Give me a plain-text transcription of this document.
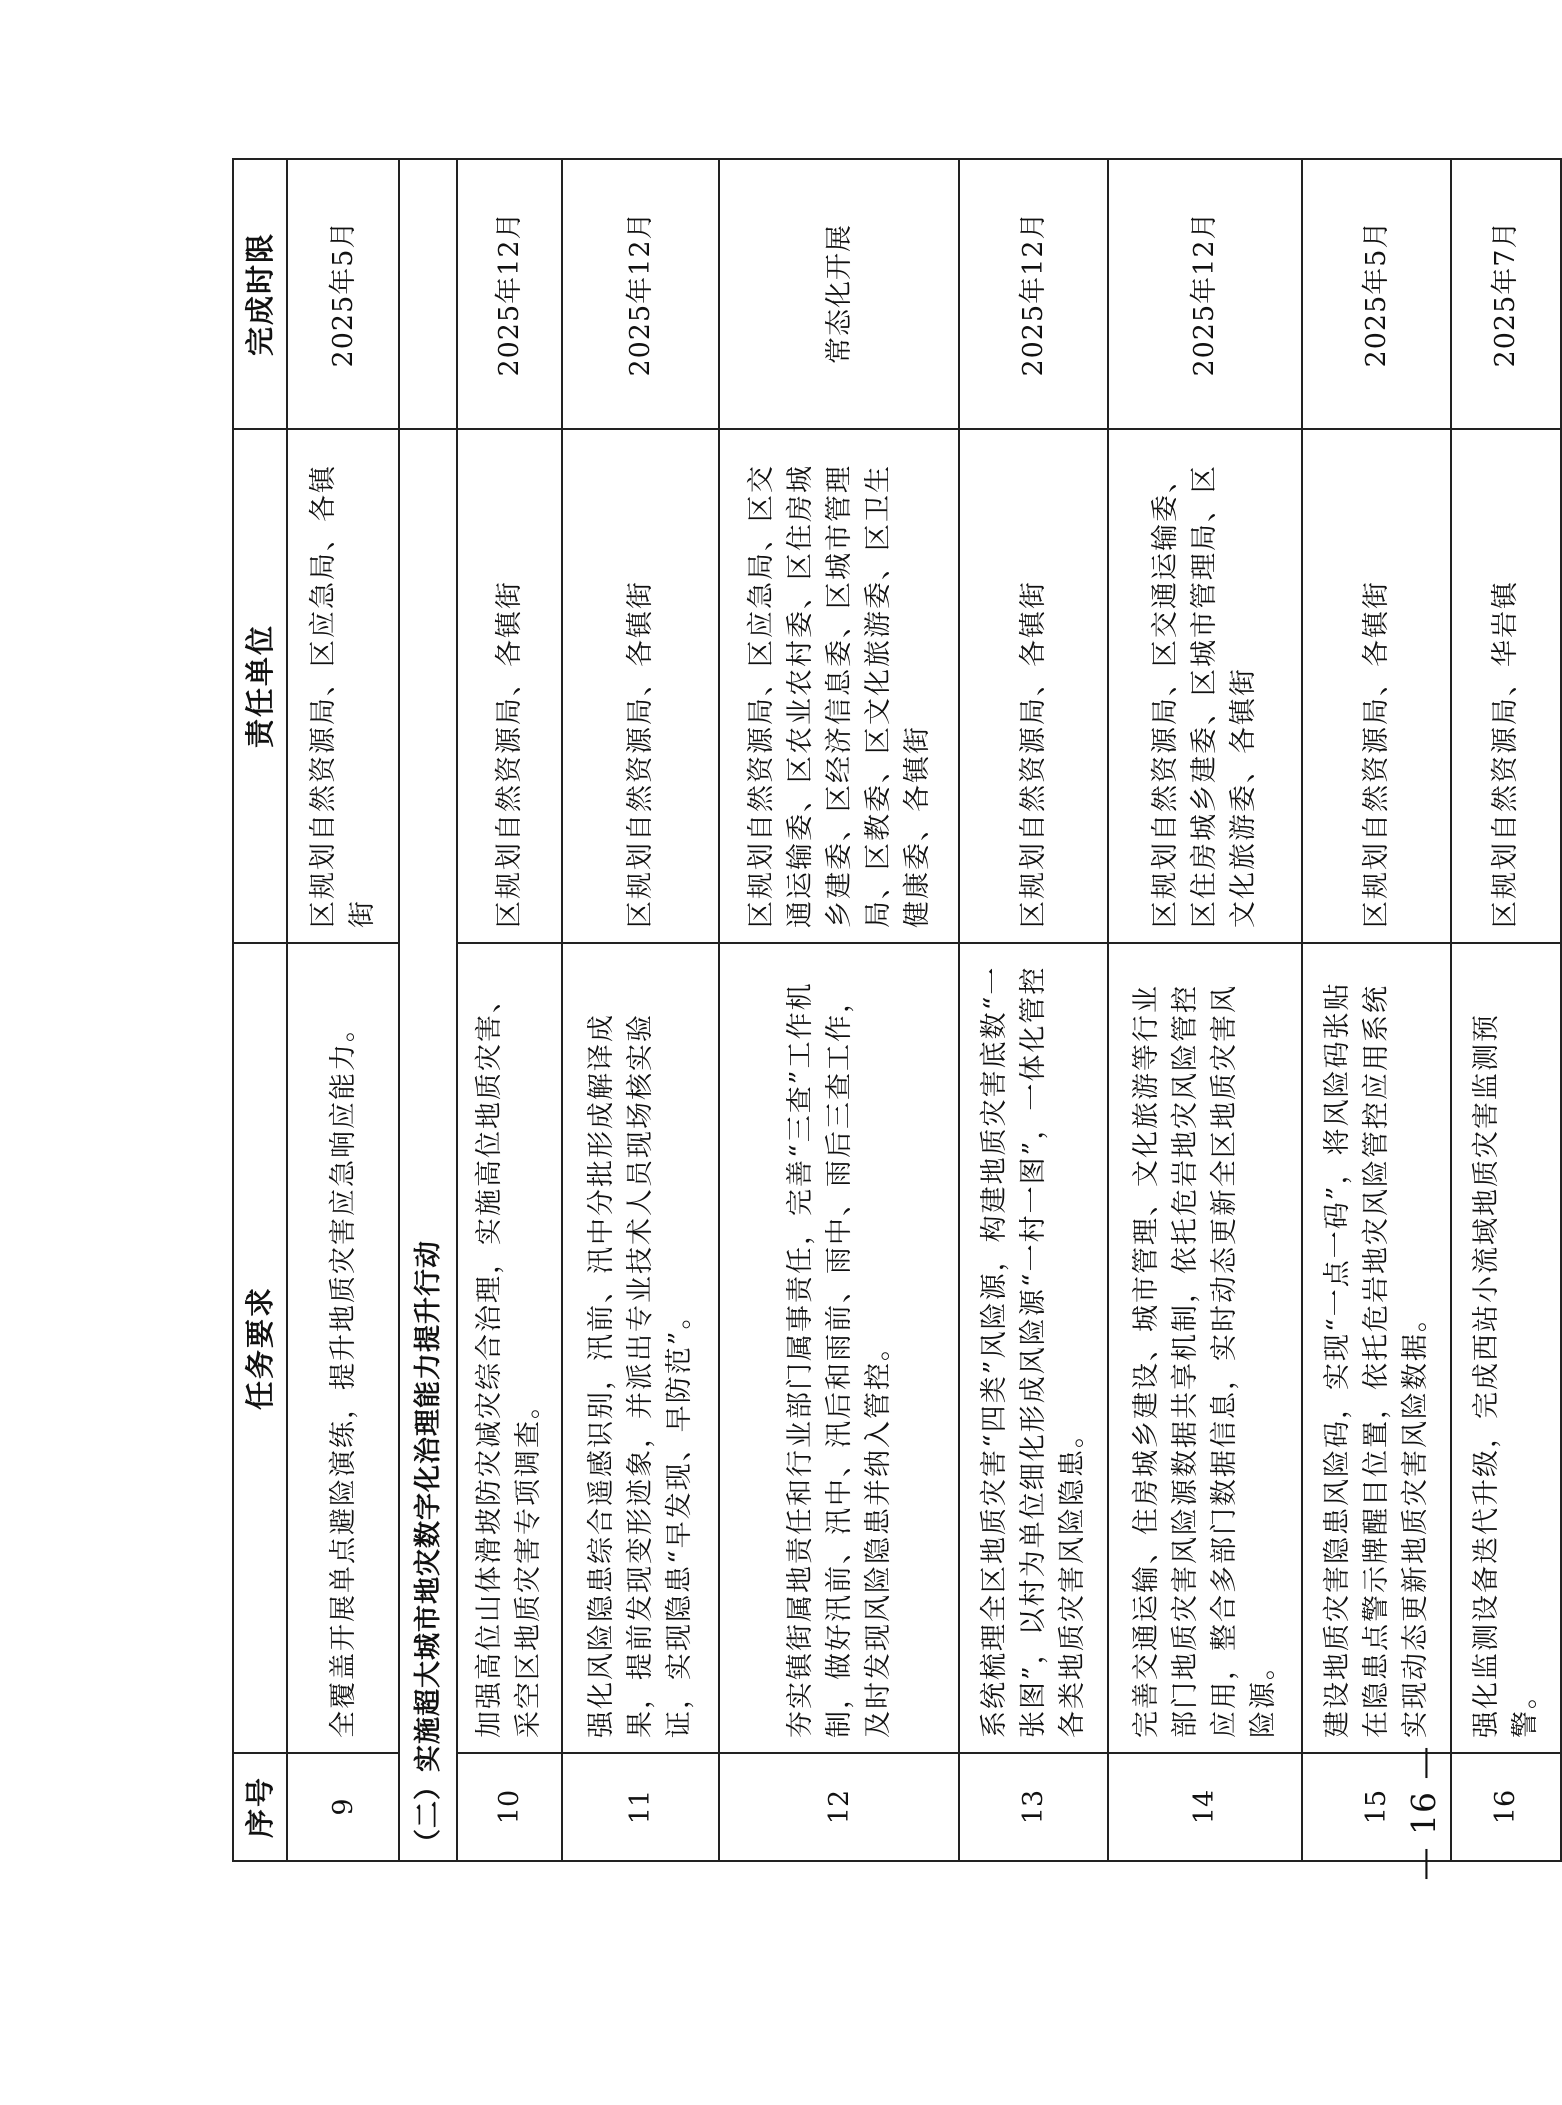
序号	任务要求	责任单位	完成时限
9	全覆盖开展单点避险演练，提升地质灾害应急响应能力。	区规划自然资源局、区应急局、各镇街	2025年5月
（二）实施超大城市地灾数字化治理能力提升行动			
10	加强高位山体滑坡防灾减灾综合治理，实施高位地质灾害、采空区地质灾害专项调查。	区规划自然资源局、各镇街	2025年12月
11	强化风险隐患综合遥感识别，汛前、汛中分批形成解译成果，提前发现变形迹象，并派出专业技术人员现场核实验证，实现隐患“早发现、早防范”。	区规划自然资源局、各镇街	2025年12月
12	夯实镇街属地责任和行业部门属事责任，完善“三查”工作机制，做好汛前、汛中、汛后和雨前、雨中、雨后三查工作，及时发现风险隐患并纳入管控。	区规划自然资源局、区应急局、区交通运输委、区农业农村委、区住房城乡建委、区经济信息委、区城市管理局、区教委、区文化旅游委、区卫生健康委、各镇街	常态化开展
13	系统梳理全区地质灾害“四类”风险源，构建地质灾害底数“一张图”，以村为单位细化形成风险源“一村一图”，一体化管控各类地质灾害风险隐患。	区规划自然资源局、各镇街	2025年12月
14	完善交通运输、住房城乡建设、城市管理、文化旅游等行业部门地质灾害风险源数据共享机制，依托危岩地灾风险管控应用，整合多部门数据信息，实时动态更新全区地质灾害风险源。	区规划自然资源局、区交通运输委、区住房城乡建委、区城市管理局、区文化旅游委、各镇街	2025年12月
15	建设地质灾害隐患风险码，实现“一点一码”，将风险码张贴在隐患点警示牌醒目位置，依托危岩地灾风险管控应用系统实现动态更新地质灾害风险数据。	区规划自然资源局、各镇街	2025年5月
16	强化监测设备迭代升级，完成西站小流域地质灾害监测预警。	区规划自然资源局、华岩镇	2025年7月
— 16 —
